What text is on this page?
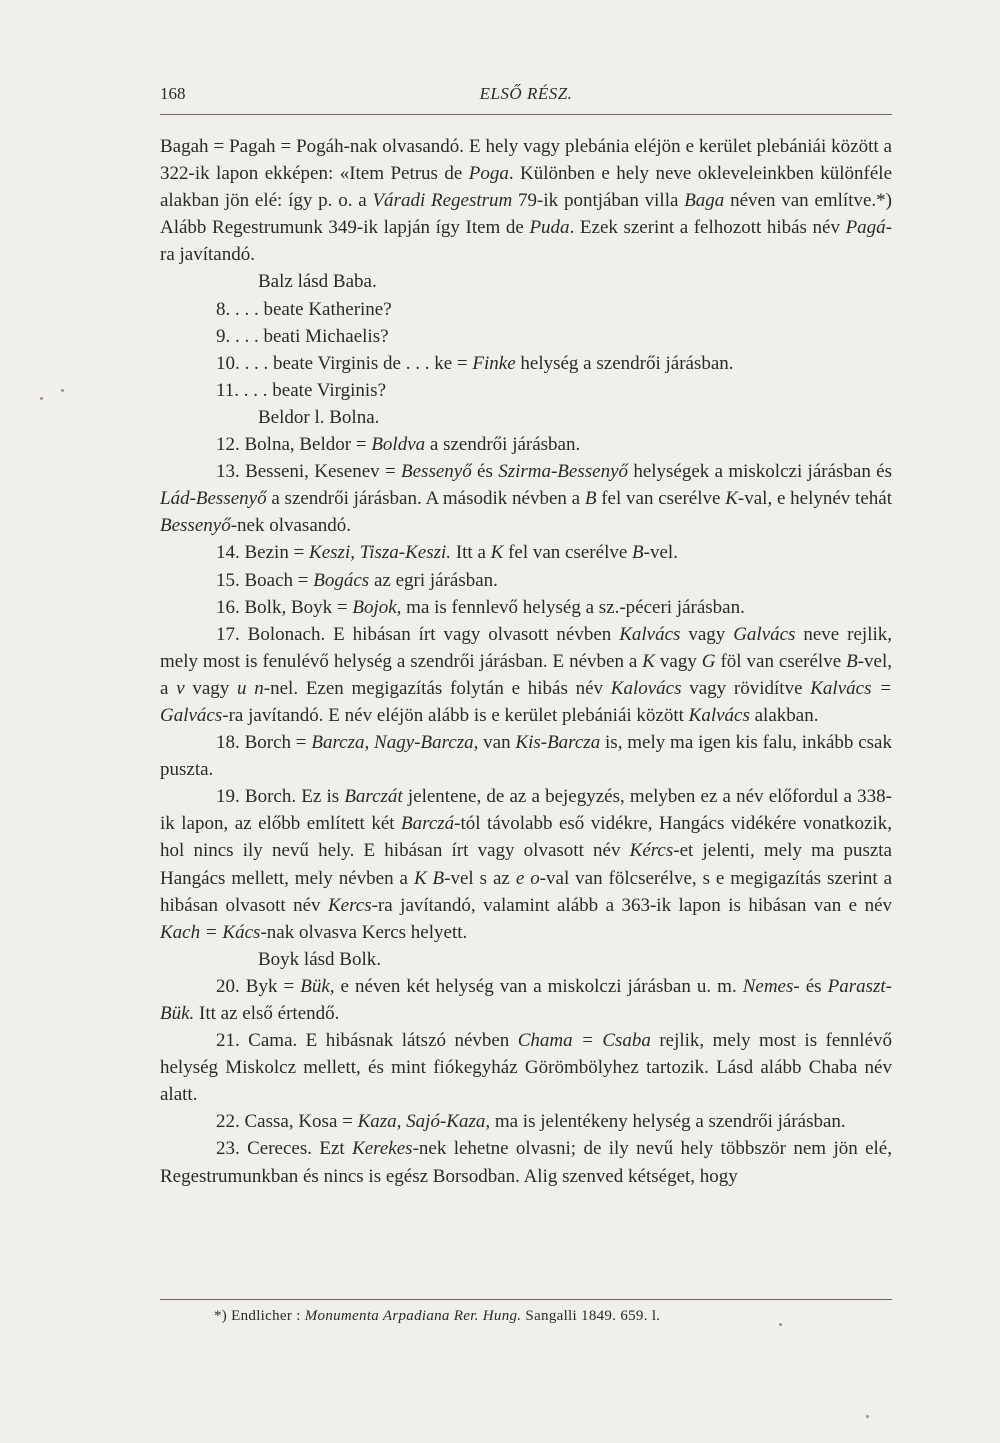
168	ELSŐ RÉSZ.

Bagah = Pagah = Pogáh-nak olvasandó. E hely vagy plebánia eléjön e kerület plebániái között a 322-ik lapon ekképen: «Item Petrus de Poga. Különben e hely neve okleveleinkben különféle alakban jön elé: így p. o. a Váradi Regestrum 79-ik pontjában villa Baga néven van említve.*) Alább Regestrumunk 349-ik lapján így Item de Puda. Ezek szerint a felhozott hibás név Pagá-ra javítandó.

Balz lásd Baba.

8. . . . beate Katherine?

9. . . . beati Michaelis?

10. . . . beate Virginis de . . . ke = Finke helység a szendrői járásban.

11. . . . beate Virginis?

Beldor l. Bolna.

12. Bolna, Beldor = Boldva a szendrői járásban.

13. Besseni, Kesenev = Bessenyő és Szirma-Bessenyő helységek a miskolczi járásban és Lád-Bessenyő a szendrői járásban. A második névben a B fel van cserélve K-val, e helynév tehát Bessenyő-nek olvasandó.

14. Bezin = Keszi, Tisza-Keszi. Itt a K fel van cserélve B-vel.

15. Boach = Bogács az egri járásban.

16. Bolk, Boyk = Bojok, ma is fennlevő helység a sz.-péceri járásban.

17. Bolonach. E hibásan írt vagy olvasott névben Kalvács vagy Galvács neve rejlik, mely most is fenulévő helység a szendrői járásban. E névben a K vagy G föl van cserélve B-vel, a v vagy u n-nel. Ezen megigazítás folytán e hibás név Kalovács vagy rövidítve Kalvács = Galvács-ra javítandó. E név eléjön alább is e kerület plebániái között Kalvács alakban.

18. Borch = Barcza, Nagy-Barcza, van Kis-Barcza is, mely ma igen kis falu, inkább csak puszta.

19. Borch. Ez is Barczát jelentene, de az a bejegyzés, melyben ez a név előfordul a 338-ik lapon, az előbb említett két Barczá-tól távolabb eső vidékre, Hangács vidékére vonatkozik, hol nincs ily nevű hely. E hibásan írt vagy olvasott név Kércs-et jelenti, mely ma puszta Hangács mellett, mely névben a K B-vel s az e o-val van fölcserélve, s e megigazítás szerint a hibásan olvasott név Kercs-ra javítandó, valamint alább a 363-ik lapon is hibásan van e név Kach = Kács-nak olvasva Kercs helyett.

Boyk lásd Bolk.

20. Byk = Bük, e néven két helység van a miskolczi járásban u. m. Nemes- és Paraszt-Bük. Itt az első értendő.

21. Cama. E hibásnak látszó névben Chama = Csaba rejlik, mely most is fennlévő helység Miskolcz mellett, és mint fiókegyház Görömbölyhez tartozik. Lásd alább Chaba név alatt.

22. Cassa, Kosa = Kaza, Sajó-Kaza, ma is jelentékeny helység a szendrői járásban.

23. Cereces. Ezt Kerekes-nek lehetne olvasni; de ily nevű hely többször nem jön elé, Regestrumunkban és nincs is egész Borsodban. Alig szenved kétséget, hogy

*) Endlicher : Monumenta Arpadiana Rer. Hung. Sangalli 1849. 659. l.
